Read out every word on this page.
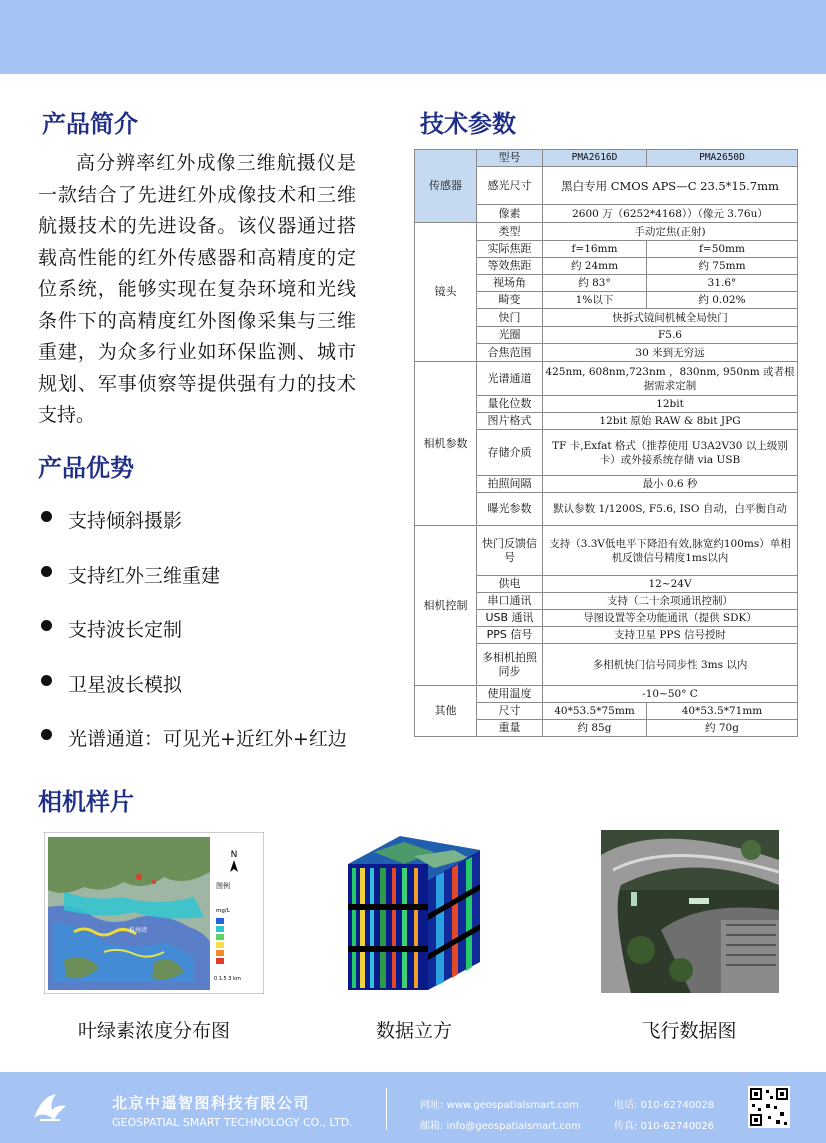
产品简介

高分辨率红外成像三维航摄仪是一款结合了先进红外成像技术和三维航摄技术的先进设备。该仪器通过搭载高性能的红外传感器和高精度的定位系统，能够实现在复杂环境和光线条件下的高精度红外图像采集与三维重建，为众多行业如环保监测、城市规划、军事侦察等提供强有力的技术支持。

产品优势
支持倾斜摄影
支持红外三维重建
支持波长定制
卫星波长模拟
光谱通道：可见光+近红外+红边
技术参数
传感器	型号	PMA2616D	PMA2650D
	感光尺寸	黑白专用 CMOS APS—C 23.5*15.7mm	
	像素	2600 万（6252*4168））（像元 3.76u）	
镜头	类型	手动定焦(正射)	
	实际焦距	f=16mm	f=50mm
	等效焦距	约 24mm	约 75mm
	视场角	约 83°	31.6°
	畸变	1%以下	约 0.02%
	快门	快拆式镜间机械全局快门	
	光圈	F5.6	
	合焦范围	30 米到无穷远	
相机参数	光谱通道	425nm, 608nm,723nm ，830nm, 950nm 或者根据需求定制	
	量化位数	12bit	
	图片格式	12bit 原始 RAW & 8bit JPG	
	存储介质	TF 卡,Exfat 格式（推荐使用 U3A2V30 以上级别卡）或外接系统存储 via USB	
	拍照间隔	最小 0.6 秒	
	曝光参数	默认参数 1/1200S, F5.6, ISO 自动，白平衡自动	
相机控制	快门反馈信号	支持（3.3V低电平下降沿有效,脉宽约100ms）单相机反馈信号精度1ms以内	
	供电	12~24V	
	串口通讯	支持（二十余项通讯控制）	
	USB 通讯	导图设置等全功能通讯（提供 SDK）	
	PPS 信号	支持卫星 PPS 信号授时	
	多相机拍照同步	多相机快门信号同步性 3ms 以内	
其他	使用温度	-10~50° C	
	尺寸	40*53.5*75mm	40*53.5*71mm
	重量	约 85g	约 70g
相机样片
N
图例
mg/L
0 1.5 3 km
杭州湾

叶绿素浓度分布图	数据立方	飞行数据图

北京中遥智图科技有限公司
GEOSPATIAL SMART TECHNOLOGY CO., LTD.
网址: www.geospatialsmart.com
邮箱: info@geospatialsmart.com
电话: 010-62740028
传真: 010-62740026
